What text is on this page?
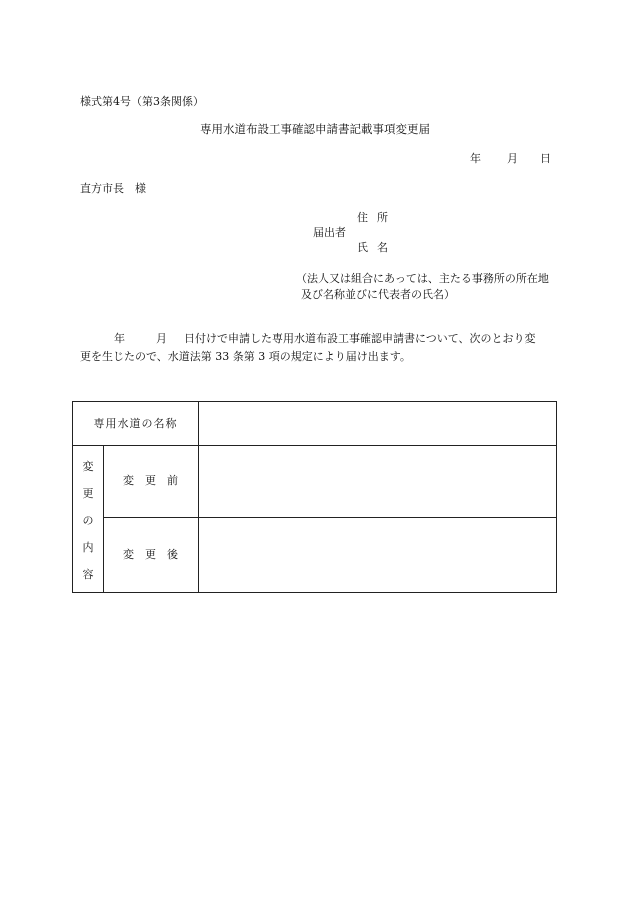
様式第4号（第3条関係）
専用水道布設工事確認申請書記載事項変更届
年 月 日
直方市長　様
住所
届出者
氏名
（法人又は組合にあっては、主たる事務所の所在地
及び名称並びに代表者の氏名）
年	月 日付けで申請した専用水道布設工事確認申請書について、次のとおり変
更を生じたので、水道法第 33 条第 3 項の規定により届け出ます。
専用水道の名称
変
更
の
内
容
変更前
変更後
